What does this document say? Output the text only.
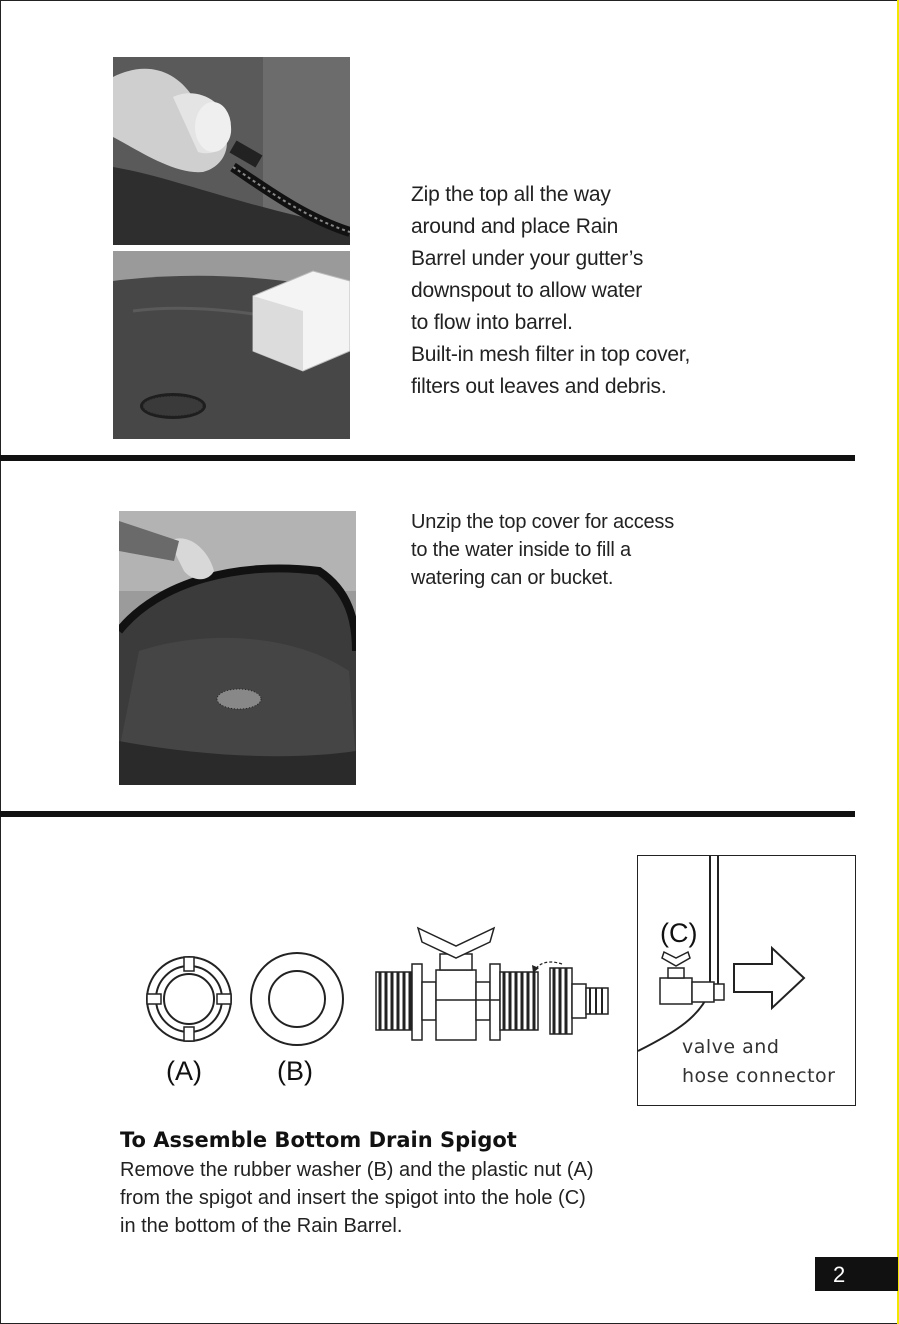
Zip the top all the way
around and place Rain
Barrel under your gutter’s
downspout to allow water
to flow into barrel.
Built-in mesh filter in top cover,
filters out leaves and debris.
Unzip the top cover for access
to the water inside to fill a
watering can or bucket.
(A)	(B)
(C)
valve and
hose connector
To Assemble Bottom Drain Spigot
Remove the rubber washer (B) and the plastic nut (A)
from the spigot and insert the spigot into the hole (C)
in the bottom of the Rain Barrel.
2
